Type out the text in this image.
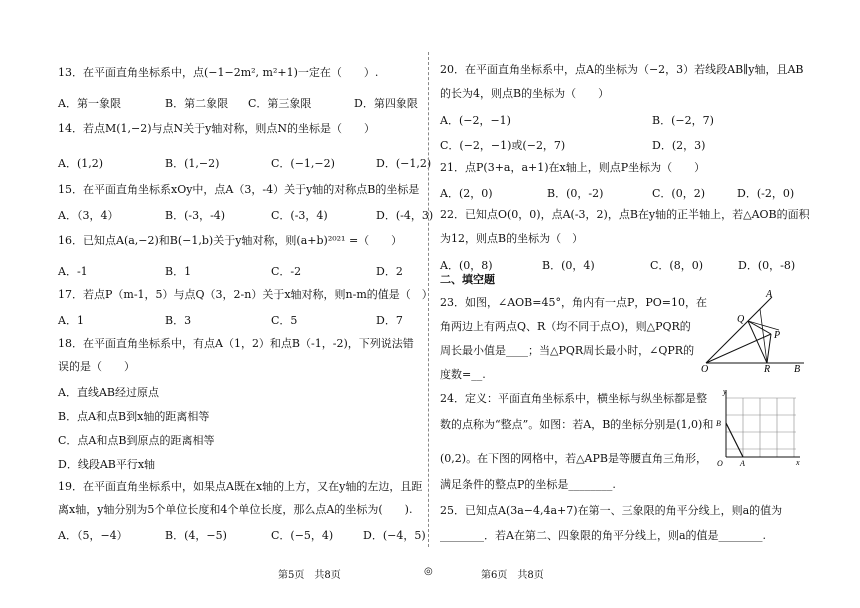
13．在平面直角坐标系中，点(−1−2m², m²+1)一定在（　　）.
A．第一象限	B．第二象限 C．第三象限	D．第四象限
14．若点M(1,−2)与点N关于y轴对称，则点N的坐标是（　　）
A．(1,2)	B．(1,−2)	C．(−1,−2)	D．(−1,2)
15．在平面直角坐标系xOy中，点A（3，-4）关于y轴的对称点B的坐标是
A．（3，4）	B．(-3，-4)	C．(-3，4)	D．(-4，3)
16．已知点A(a,−2)和B(−1,b)关于y轴对称，则(a+b)²⁰²¹ =（　　）
A．-1	B．1	C．-2	D．2
17．若点P（m-1，5）与点Q（3，2-n）关于x轴对称，则n-m的值是（　）
A．1	B．3	C．5	D．7
18．在平面直角坐标系中，有点A（1，2）和点B（-1，-2)，下列说法错
误的是（　　）
A．直线AB经过原点
B．点A和点B到x轴的距离相等
C．点A和点B到原点的距离相等
D．线段AB平行x轴
19．在平面直角坐标系中，如果点A既在x轴的上方，又在y轴的左边，且距
离x轴，y轴分别为5个单位长度和4个单位长度，那么点A的坐标为(　　).
A．（5，−4）	B．(4，−5)	C．(−5，4)	D．(−4，5)
20．在平面直角坐标系中，点A的坐标为（−2，3）若线段AB∥y轴，且AB
的长为4，则点B的坐标为（　　）
A．(−2，−1)	B．(−2，7)
C．(−2，−1)或(−2，7)	D．(2，3)
21．点P(3+a，a+1)在x轴上，则点P坐标为（　　）
A．(2，0)	B．(0，-2)	C．(0，2)	D．(-2，0)
22．已知点O(0，0)，点A(-3，2)，点B在y轴的正半轴上，若△AOB的面积
为12，则点B的坐标为（　）
A．(0，8)	B．(0，4)	C．(8，0)	D．(0，-8)
二、填空题
23．如图，∠AOB=45°，角内有一点P，PO=10，在
角两边上有两点Q、R（均不同于点O)，则△PQR的
周长最小值是____；当△PQR周长最小时，∠QPR的
度数=__.
24．定义：平面直角坐标系中，横坐标与纵坐标都是整
数的点称为“整点”。如图：若A，B的坐标分别是(1,0)和
(0,2)。在下图的网格中，若△APB是等腰直角三角形，
满足条件的整点P的坐标是________.
25．已知点A(3a−4,4a+7)在第一、三象限的角平分线上，则a的值为
________．若A在第二、四象限的角平分线上，则a的值是________.
A
Q
P
O	R B
y
B
O A	x
第5页　共8页	◎	第6页　共8页
